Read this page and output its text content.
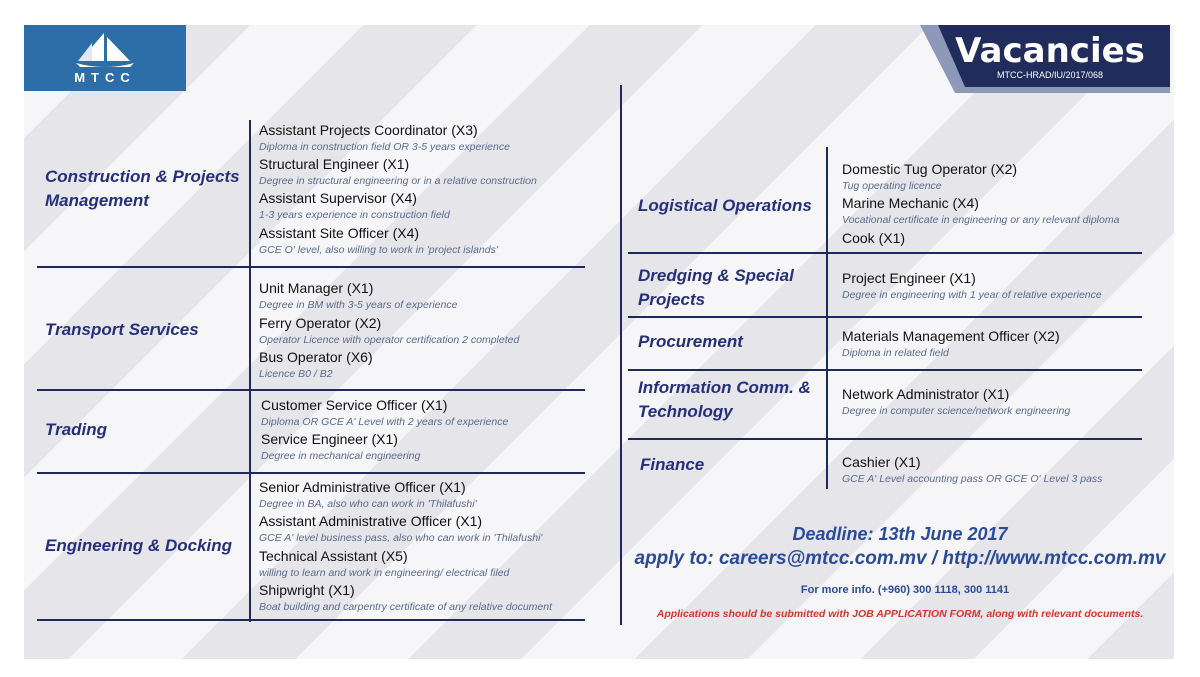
MTCC
Vacancies
MTCC-HRAD/IU/2017/068
Construction & Projects Management
Assistant Projects Coordinator (X3)
Diploma in construction field OR 3-5 years experience
Structural Engineer (X1)
Degree in structural engineering or in a relative construction
Assistant Supervisor (X4)
1-3 years experience in construction field
Assistant Site Officer (X4)
GCE O' level, also willing to work in 'project islands'
Transport Services
Unit Manager (X1)
Degree in BM with 3-5 years of experience
Ferry Operator (X2)
Operator Licence with operator certification 2 completed
Bus Operator (X6)
Licence B0 / B2
Trading
Customer Service Officer (X1)
Diploma OR GCE A' Level with 2 years of experience
Service Engineer (X1)
Degree in mechanical engineering
Engineering & Docking
Senior Administrative Officer (X1)
Degree in BA, also who can work in 'Thilafushi'
Assistant Administrative Officer (X1)
GCE A' level business pass, also who can work in 'Thilafushi'
Technical Assistant (X5)
willing to learn and work in engineering/ electrical filed
Shipwright (X1)
Boat building and carpentry certificate of any relative document
Logistical Operations
Domestic Tug Operator (X2)
Tug operating licence
Marine Mechanic (X4)
Vocational certificate in engineering or any relevant diploma
Cook (X1)
Dredging & Special Projects
Project Engineer (X1)
Degree in engineering with 1 year of relative experience
Procurement	Materials Management Officer (X2)
Diploma in related field
Information Comm. & Technology
Network Administrator (X1)
Degree in computer science/network engineering
Finance	Cashier (X1)
GCE A' Level accounting pass OR GCE O' Level 3 pass
Deadline: 13th June 2017
apply to: careers@mtcc.com.mv / http://www.mtcc.com.mv
For more info. (+960) 300 1118, 300 1141
Applications should be submitted with JOB APPLICATION FORM, along with relevant documents.
